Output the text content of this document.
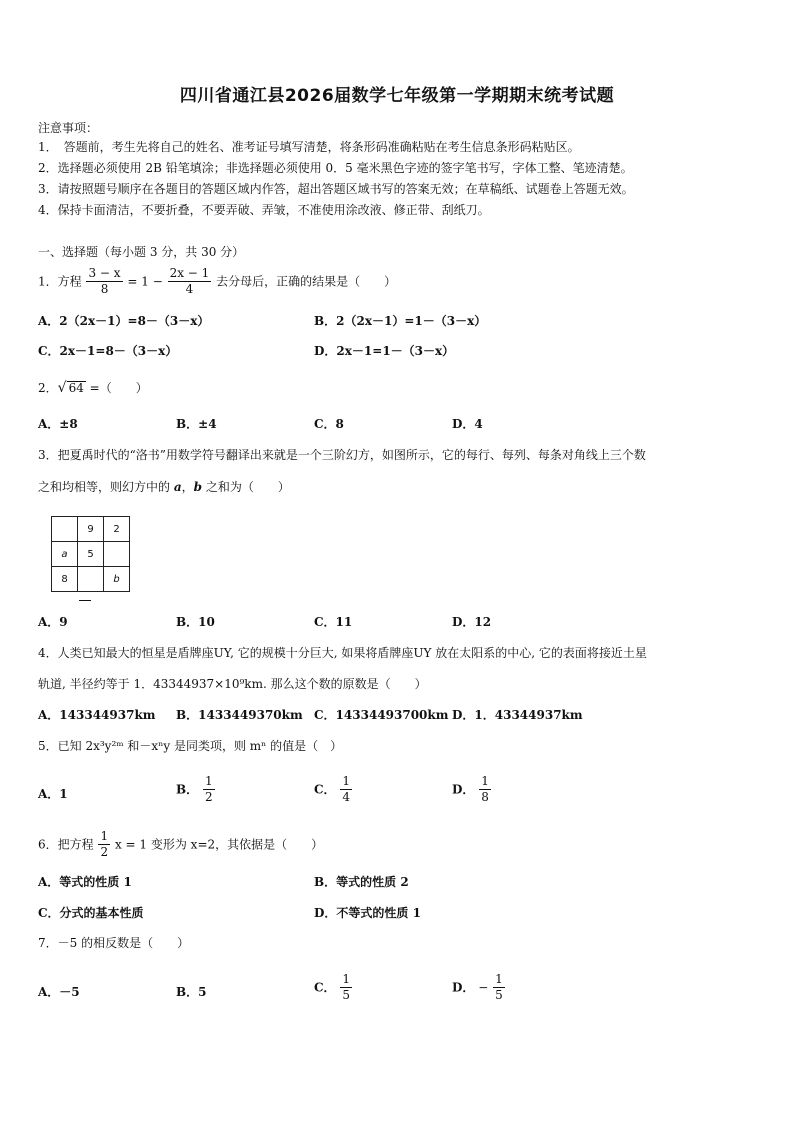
四川省通江县2026届数学七年级第一学期期末统考试题
注意事项：
1．　答题前，考生先将自己的姓名、准考证号填写清楚，将条形码准确粘贴在考生信息条形码粘贴区。
2．选择题必须使用 2B 铅笔填涂；非选择题必须使用 0．5 毫米黑色字迹的签字笔书写，字体工整、笔迹清楚。
3．请按照题号顺序在各题目的答题区域内作答，超出答题区域书写的答案无效；在草稿纸、试题卷上答题无效。
4．保持卡面清洁，不要折叠，不要弄破、弄皱，不准使用涂改液、修正带、刮纸刀。
一、选择题（每小题 3 分，共 30 分）
1．方程 $\frac{3 - x}{8} = 1 - \frac{2x - 1}{4}$ 去分母后，正确的结果是（　　）
A．2（2x－1）=8－（3－x）	B．2（2x－1）=1－（3－x）
C．2x－1=8－（3－x）	D．2x－1=1－（3－x）
2．√ 64 =（　　）
A．±8	B．±4	C．8	D．4
3．把夏禹时代的“洛书”用数学符号翻译出来就是一个三阶幻方，如图所示，它的每行、每列、每条对角线上三个数
之和均相等，则幻方中的 a，b 之和为（　　）
	9	2
a	5	
8		b
A．9	B．10	C．11	D．12
4．人类已知最大的恒星是盾牌座UY, 它的规模十分巨大, 如果将盾牌座UY 放在太阳系的中心, 它的表面将接近土星
轨道, 半径约等于 1．43344937×10⁹km. 那么这个数的原数是（　　）
A．143344937km B．1433449370km C．14334493700km D．1．43344937km
5．已知 2x³y²ᵐ 和－xⁿy 是同类项，则 mⁿ 的值是（　）
A．1	B． $\frac{1}{2}$	C． $\frac{1}{4}$	D． $\frac{1}{8}$
6．把方程 $\frac{1}{2}$ x = 1 变形为 x=2，其依据是（　　）
A．等式的性质 1	B．等式的性质 2
C．分式的基本性质	D．不等式的性质 1
7．－5 的相反数是（　　）
A．－5	B．5	C． $\frac{1}{5}$	D． − $\frac{1}{5}$
